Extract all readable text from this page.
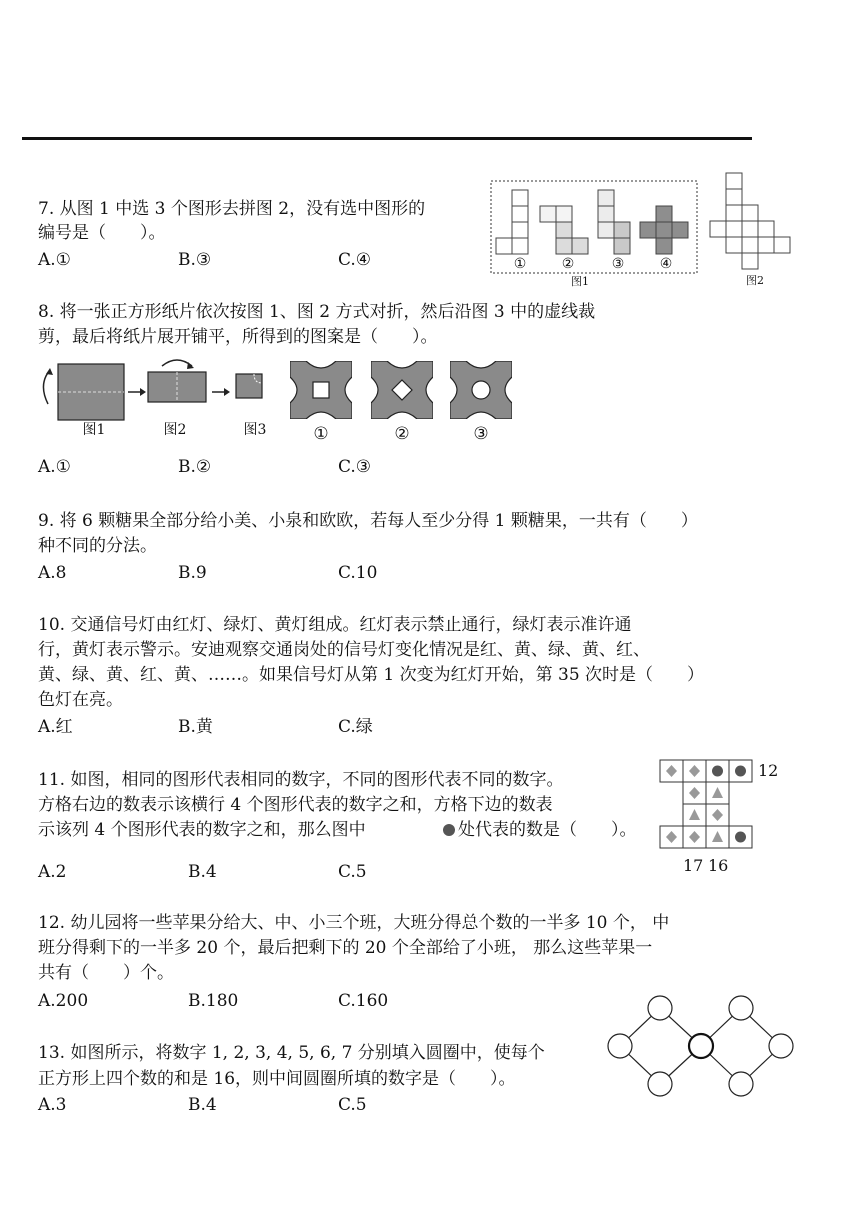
7. 从图 1 中选 3 个图形去拼图 2，没有选中图形的
编号是（　　）。
A.①	B.③	C.④	①	②	③	④
图1	图2
8. 将一张正方形纸片依次按图 1、图 2 方式对折，然后沿图 3 中的虚线裁
剪，最后将纸片展开铺平，所得到的图案是（　　）。
图1	图2	图3	①	②	③
A.①	B.②	C.③
9. 将 6 颗糖果全部分给小美、小泉和欧欧，若每人至少分得 1 颗糖果，一共有（　　）
种不同的分法。
A.8	B.9	C.10
10. 交通信号灯由红灯、绿灯、黄灯组成。红灯表示禁止通行，绿灯表示准许通
行，黄灯表示警示。安迪观察交通岗处的信号灯变化情况是红、黄、绿、黄、红、
黄、绿、黄、红、黄、……。如果信号灯从第 1 次变为红灯开始，第 35 次时是（　　）
色灯在亮。
A.红	B.黄	C.绿
11. 如图，相同的图形代表相同的数字，不同的图形代表不同的数字。
方格右边的数表示该横行 4 个图形代表的数字之和，方格下边的数表
示该列 4 个图形代表的数字之和，那么图中	处代表的数是（　　）。
A.2	B.4	C.5
12
17 16
12. 幼儿园将一些苹果分给大、中、小三个班，大班分得总个数的一半多 10 个， 中
班分得剩下的一半多 20 个，最后把剩下的 20 个全部给了小班， 那么这些苹果一
共有（　　）个。
A.200	B.180	C.160
13. 如图所示，将数字 1, 2, 3, 4, 5, 6, 7 分别填入圆圈中，使每个
正方形上四个数的和是 16，则中间圆圈所填的数字是（　　）。
A.3	B.4	C.5
